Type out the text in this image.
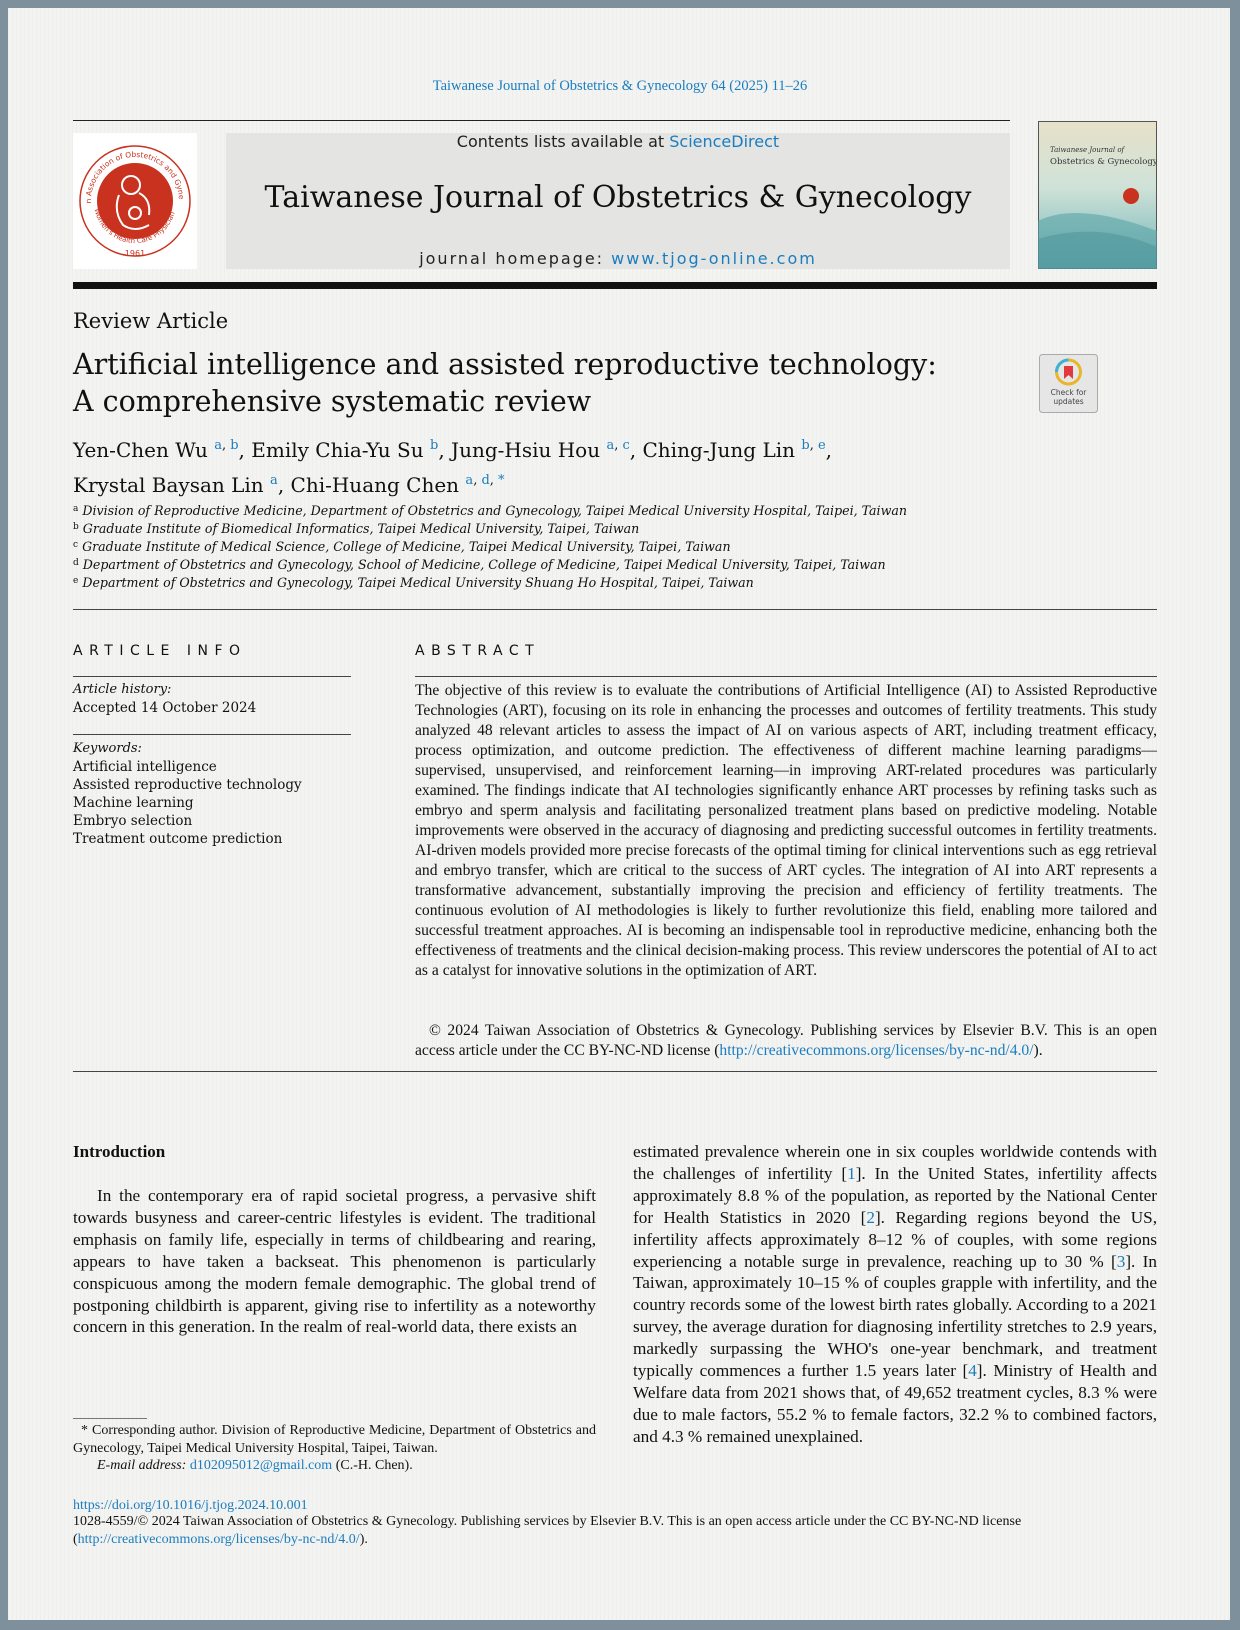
Taiwanese Journal of Obstetrics & Gynecology 64 (2025) 11–26
n Association of Obstetrics and Gyne
Women's Health Care Physician
1961
Contents lists available at ScienceDirect
Taiwanese Journal of Obstetrics & Gynecology
journal homepage: www.tjog-online.com
Taiwanese Journal of
Obstetrics & Gynecology
Review Article
Artificial intelligence and assisted reproductive technology:
A comprehensive systematic review	Check for
updates
Yen-Chen Wu $^{a,}$ $^b$, Emily Chia-Yu Su $^b$, Jung-Hsiu Hou $^{a,}$ $^c$, Ching-Jung Lin $^{b,}$ $^e$,
Krystal Baysan Lin $^a$, Chi-Huang Chen $^{a,}$ $^{d,}$ *
$^a$ Division of Reproductive Medicine, Department of Obstetrics and Gynecology, Taipei Medical University Hospital, Taipei, Taiwan
$^b$ Graduate Institute of Biomedical Informatics, Taipei Medical University, Taipei, Taiwan
$^c$ Graduate Institute of Medical Science, College of Medicine, Taipei Medical University, Taipei, Taiwan
$^d$ Department of Obstetrics and Gynecology, School of Medicine, College of Medicine, Taipei Medical University, Taipei, Taiwan
$^e$ Department of Obstetrics and Gynecology, Taipei Medical University Shuang Ho Hospital, Taipei, Taiwan
ARTICLE INFO	ABSTRACT
Article history:
Accepted 14 October 2024
Keywords:
Artificial intelligence
Assisted reproductive technology
Machine learning
Embryo selection
Treatment outcome prediction
The objective of this review is to evaluate the contributions of Artificial Intelligence (AI) to Assisted Reproductive Technologies (ART), focusing on its role in enhancing the processes and outcomes of fertility treatments. This study analyzed 48 relevant articles to assess the impact of AI on various aspects of ART, including treatment efficacy, process optimization, and outcome prediction. The effectiveness of different machine learning paradigms—supervised, unsupervised, and reinforcement learning—in improving ART-related procedures was particularly examined. The findings indicate that AI technologies significantly enhance ART processes by refining tasks such as embryo and sperm analysis and facilitating personalized treatment plans based on predictive modeling. Notable improvements were observed in the accuracy of diagnosing and predicting successful outcomes in fertility treatments. AI-driven models provided more precise forecasts of the optimal timing for clinical interventions such as egg retrieval and embryo transfer, which are critical to the success of ART cycles. The integration of AI into ART represents a transformative advancement, substantially improving the precision and efficiency of fertility treatments. The continuous evolution of AI methodologies is likely to further revolutionize this field, enabling more tailored and successful treatment approaches. AI is becoming an indispensable tool in reproductive medicine, enhancing both the effectiveness of treatments and the clinical decision-making process. This review underscores the potential of AI to act as a catalyst for innovative solutions in the optimization of ART.
© 2024 Taiwan Association of Obstetrics & Gynecology. Publishing services by Elsevier B.V. This is an open access article under the CC BY-NC-ND license (http://creativecommons.org/licenses/by-nc-nd/4.0/).
Introduction
In the contemporary era of rapid societal progress, a pervasive shift towards busyness and career-centric lifestyles is evident. The traditional emphasis on family life, especially in terms of childbearing and rearing, appears to have taken a backseat. This phenomenon is particularly conspicuous among the modern female demographic. The global trend of postponing childbirth is apparent, giving rise to infertility as a noteworthy concern in this generation. In the realm of real-world data, there exists an
estimated prevalence wherein one in six couples worldwide contends with the challenges of infertility [1]. In the United States, infertility affects approximately 8.8 % of the population, as reported by the National Center for Health Statistics in 2020 [2]. Regarding regions beyond the US, infertility affects approximately 8–12 % of couples, with some regions experiencing a notable surge in prevalence, reaching up to 30 % [3]. In Taiwan, approximately 10–15 % of couples grapple with infertility, and the country records some of the lowest birth rates globally. According to a 2021 survey, the average duration for diagnosing infertility stretches to 2.9 years, markedly surpassing the WHO's one-year benchmark, and treatment typically commences a further 1.5 years later [4]. Ministry of Health and Welfare data from 2021 shows that, of 49,652 treatment cycles, 8.3 % were due to male factors, 55.2 % to female factors, 32.2 % to combined factors, and 4.3 % remained unexplained.
* Corresponding author. Division of Reproductive Medicine, Department of Obstetrics and Gynecology, Taipei Medical University Hospital, Taipei, Taiwan.
E-mail address: d102095012@gmail.com (C.-H. Chen).
https://doi.org/10.1016/j.tjog.2024.10.001
1028-4559/© 2024 Taiwan Association of Obstetrics & Gynecology. Publishing services by Elsevier B.V. This is an open access article under the CC BY-NC-ND license (http://creativecommons.org/licenses/by-nc-nd/4.0/).
